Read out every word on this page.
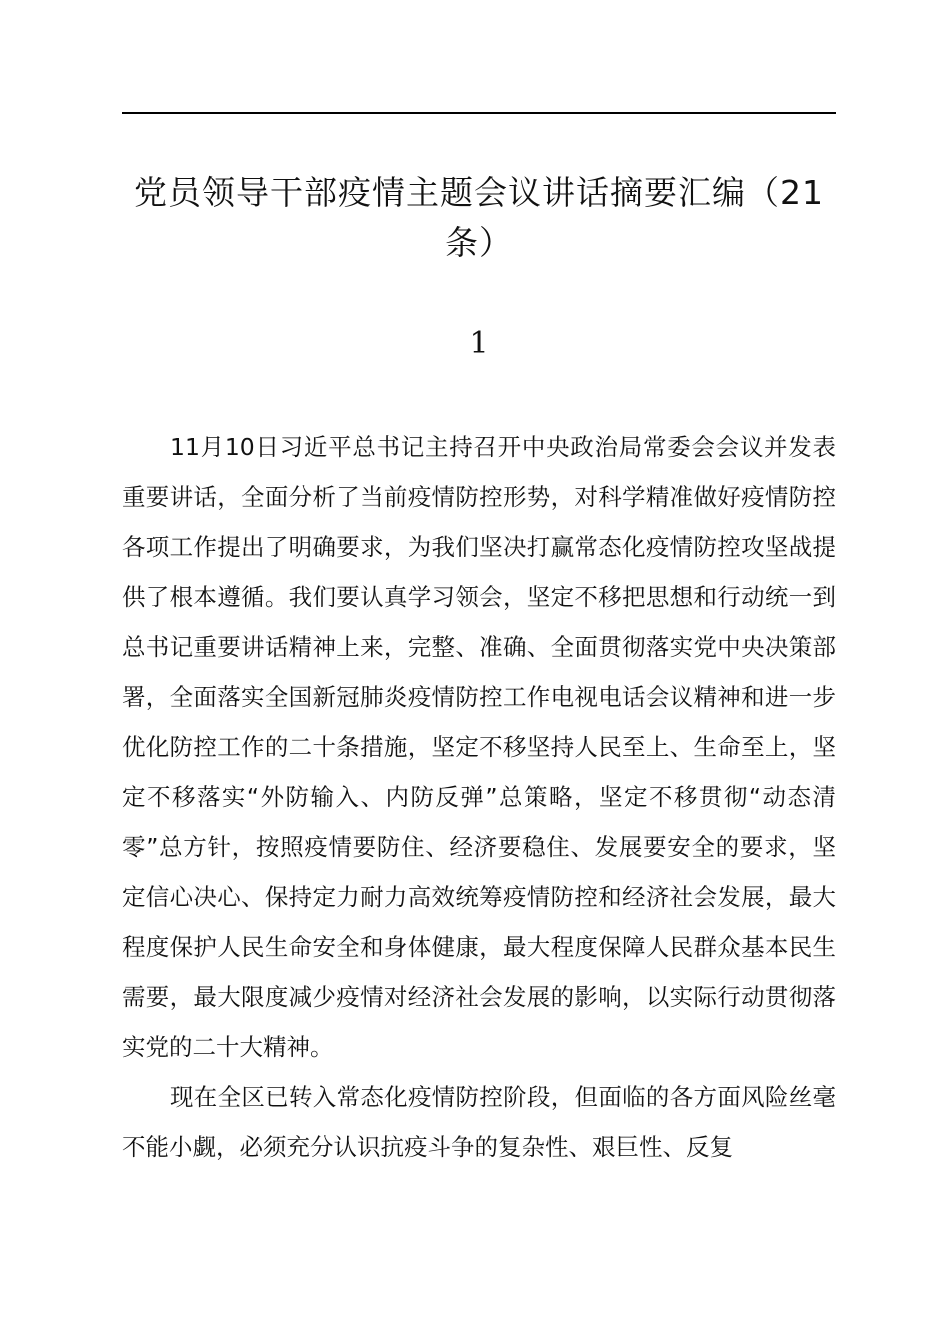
党员领导干部疫情主题会议讲话摘要汇编（21条）
1

11月10日习近平总书记主持召开中央政治局常委会会议并发表重要讲话，全面分析了当前疫情防控形势，对科学精准做好疫情防控各项工作提出了明确要求，为我们坚决打赢常态化疫情防控攻坚战提供了根本遵循。我们要认真学习领会，坚定不移把思想和行动统一到总书记重要讲话精神上来，完整、准确、全面贯彻落实党中央决策部署，全面落实全国新冠肺炎疫情防控工作电视电话会议精神和进一步优化防控工作的二十条措施，坚定不移坚持人民至上、生命至上，坚定不移落实“外防输入、内防反弹”总策略，坚定不移贯彻“动态清零”总方针，按照疫情要防住、经济要稳住、发展要安全的要求，坚定信心决心、保持定力耐力高效统筹疫情防控和经济社会发展，最大程度保护人民生命安全和身体健康，最大程度保障人民群众基本民生需要，最大限度减少疫情对经济社会发展的影响，以实际行动贯彻落实党的二十大精神。

现在全区已转入常态化疫情防控阶段，但面临的各方面风险丝毫不能小觑，必须充分认识抗疫斗争的复杂性、艰巨性、反复
